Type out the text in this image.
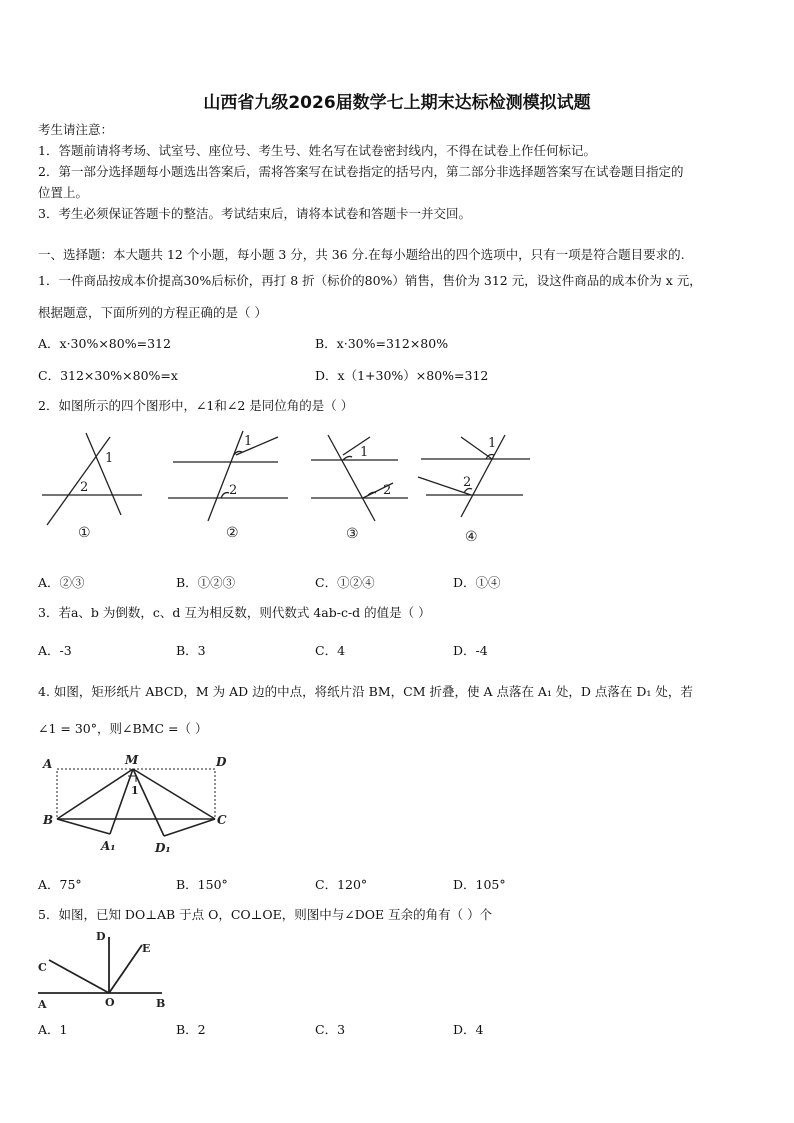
山西省九级2026届数学七上期末达标检测模拟试题
考生请注意：
1．答题前请将考场、试室号、座位号、考生号、姓名写在试卷密封线内，不得在试卷上作任何标记。
2．第一部分选择题每小题选出答案后，需将答案写在试卷指定的括号内，第二部分非选择题答案写在试卷题目指定的
位置上。
3．考生必须保证答题卡的整洁。考试结束后，请将本试卷和答题卡一并交回。
一、选择题：本大题共 12 个小题，每小题 3 分，共 36 分.在每小题给出的四个选项中，只有一项是符合题目要求的.
1．一件商品按成本价提高30%后标价，再打 8 折（标价的80%）销售，售价为 312 元，设这件商品的成本价为 x 元，
根据题意，下面所列的方程正确的是（ ）
A．x·30%×80%=312	B．x·30%=312×80%
C．312×30%×80%=x	D．x（1+30%）×80%=312
2．如图所示的四个图形中，∠1和∠2 是同位角的是（ ）
1
2
①
1
2
②
1
2
③
1
2
④
A．②③	B．①②③	C．①②④	D．①④
3．若a、b 为倒数，c、d 互为相反数，则代数式 4ab-c-d 的值是（ ）
A．-3	B．3	C．4	D．-4
4. 如图，矩形纸片 ABCD，M 为 AD 边的中点，将纸片沿 BM，CM 折叠，使 A 点落在 A₁ 处，D 点落在 D₁ 处，若
∠1 = 30°，则∠BMC =（ ）
A	M	D
B	C
A₁	D₁
1
A．75°	B．150°	C．120°	D．105°
5．如图，已知 DO⊥AB 于点 O，CO⊥OE，则图中与∠DOE 互余的角有（ ）个
A	O	B
C
D
E
A．1	B．2	C．3	D．4
